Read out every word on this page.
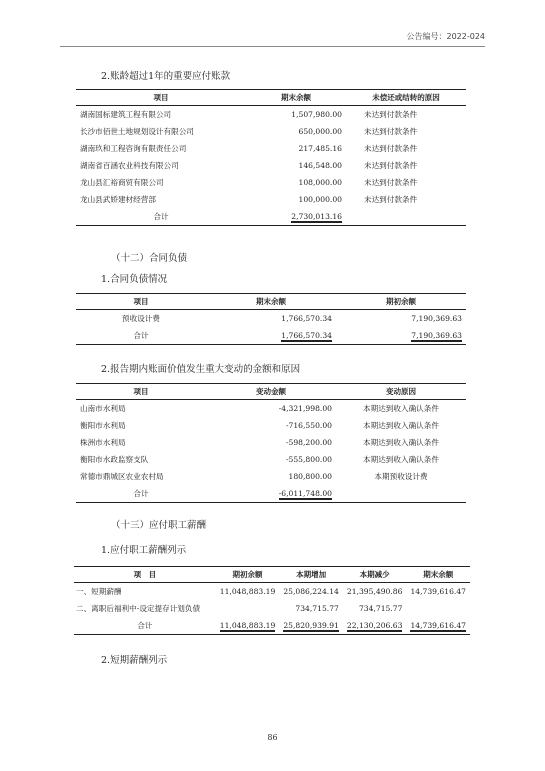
公告编号：2022-024
2.账龄超过1年的重要应付账款
项目	期末余额	未偿还或结转的原因
湖南国标建筑工程有限公司	1,507,980.00	未达到付款条件
长沙市佰世土地规划设计有限公司	650,000.00	未达到付款条件
湖南玖和工程咨询有限责任公司	217,485.16	未达到付款条件
湖南省百涵农业科技有限公司	146,548.00	未达到付款条件
龙山县汇裕商贸有限公司	108,000.00	未达到付款条件
龙山县武娇建材经营部	100,000.00	未达到付款条件
合计	2,730,013.16	
（十二）合同负债
1.合同负债情况
项目	期末余额	期初余额
预收设计费	1,766,570.34	7,190,369.63
合计	1,766,570.34	7,190,369.63
2.报告期内账面价值发生重大变动的金额和原因
项目	变动金额	变动原因
山南市水利局	-4,321,998.00	本期达到收入确认条件
衡阳市水利局	-716,550.00	本期达到收入确认条件
株洲市水利局	-598,200.00	本期达到收入确认条件
衡阳市水政监察支队	-555,800.00	本期达到收入确认条件
常德市鼎城区农业农村局	180,800.00	本期预收设计费
合计	-6,011,748.00	
（十三）应付职工薪酬
1.应付职工薪酬列示
项　目	期初余额	本期增加	本期减少	期末余额
一、短期薪酬	11,048,883.19	25,086,224.14	21,395,490.86	14,739,616.47
二、离职后福利中-设定提存计划负债		734,715.77	734,715.77	
合计	11,048,883.19	25,820,939.91	22,130,206.63	14,739,616.47
2.短期薪酬列示
86
